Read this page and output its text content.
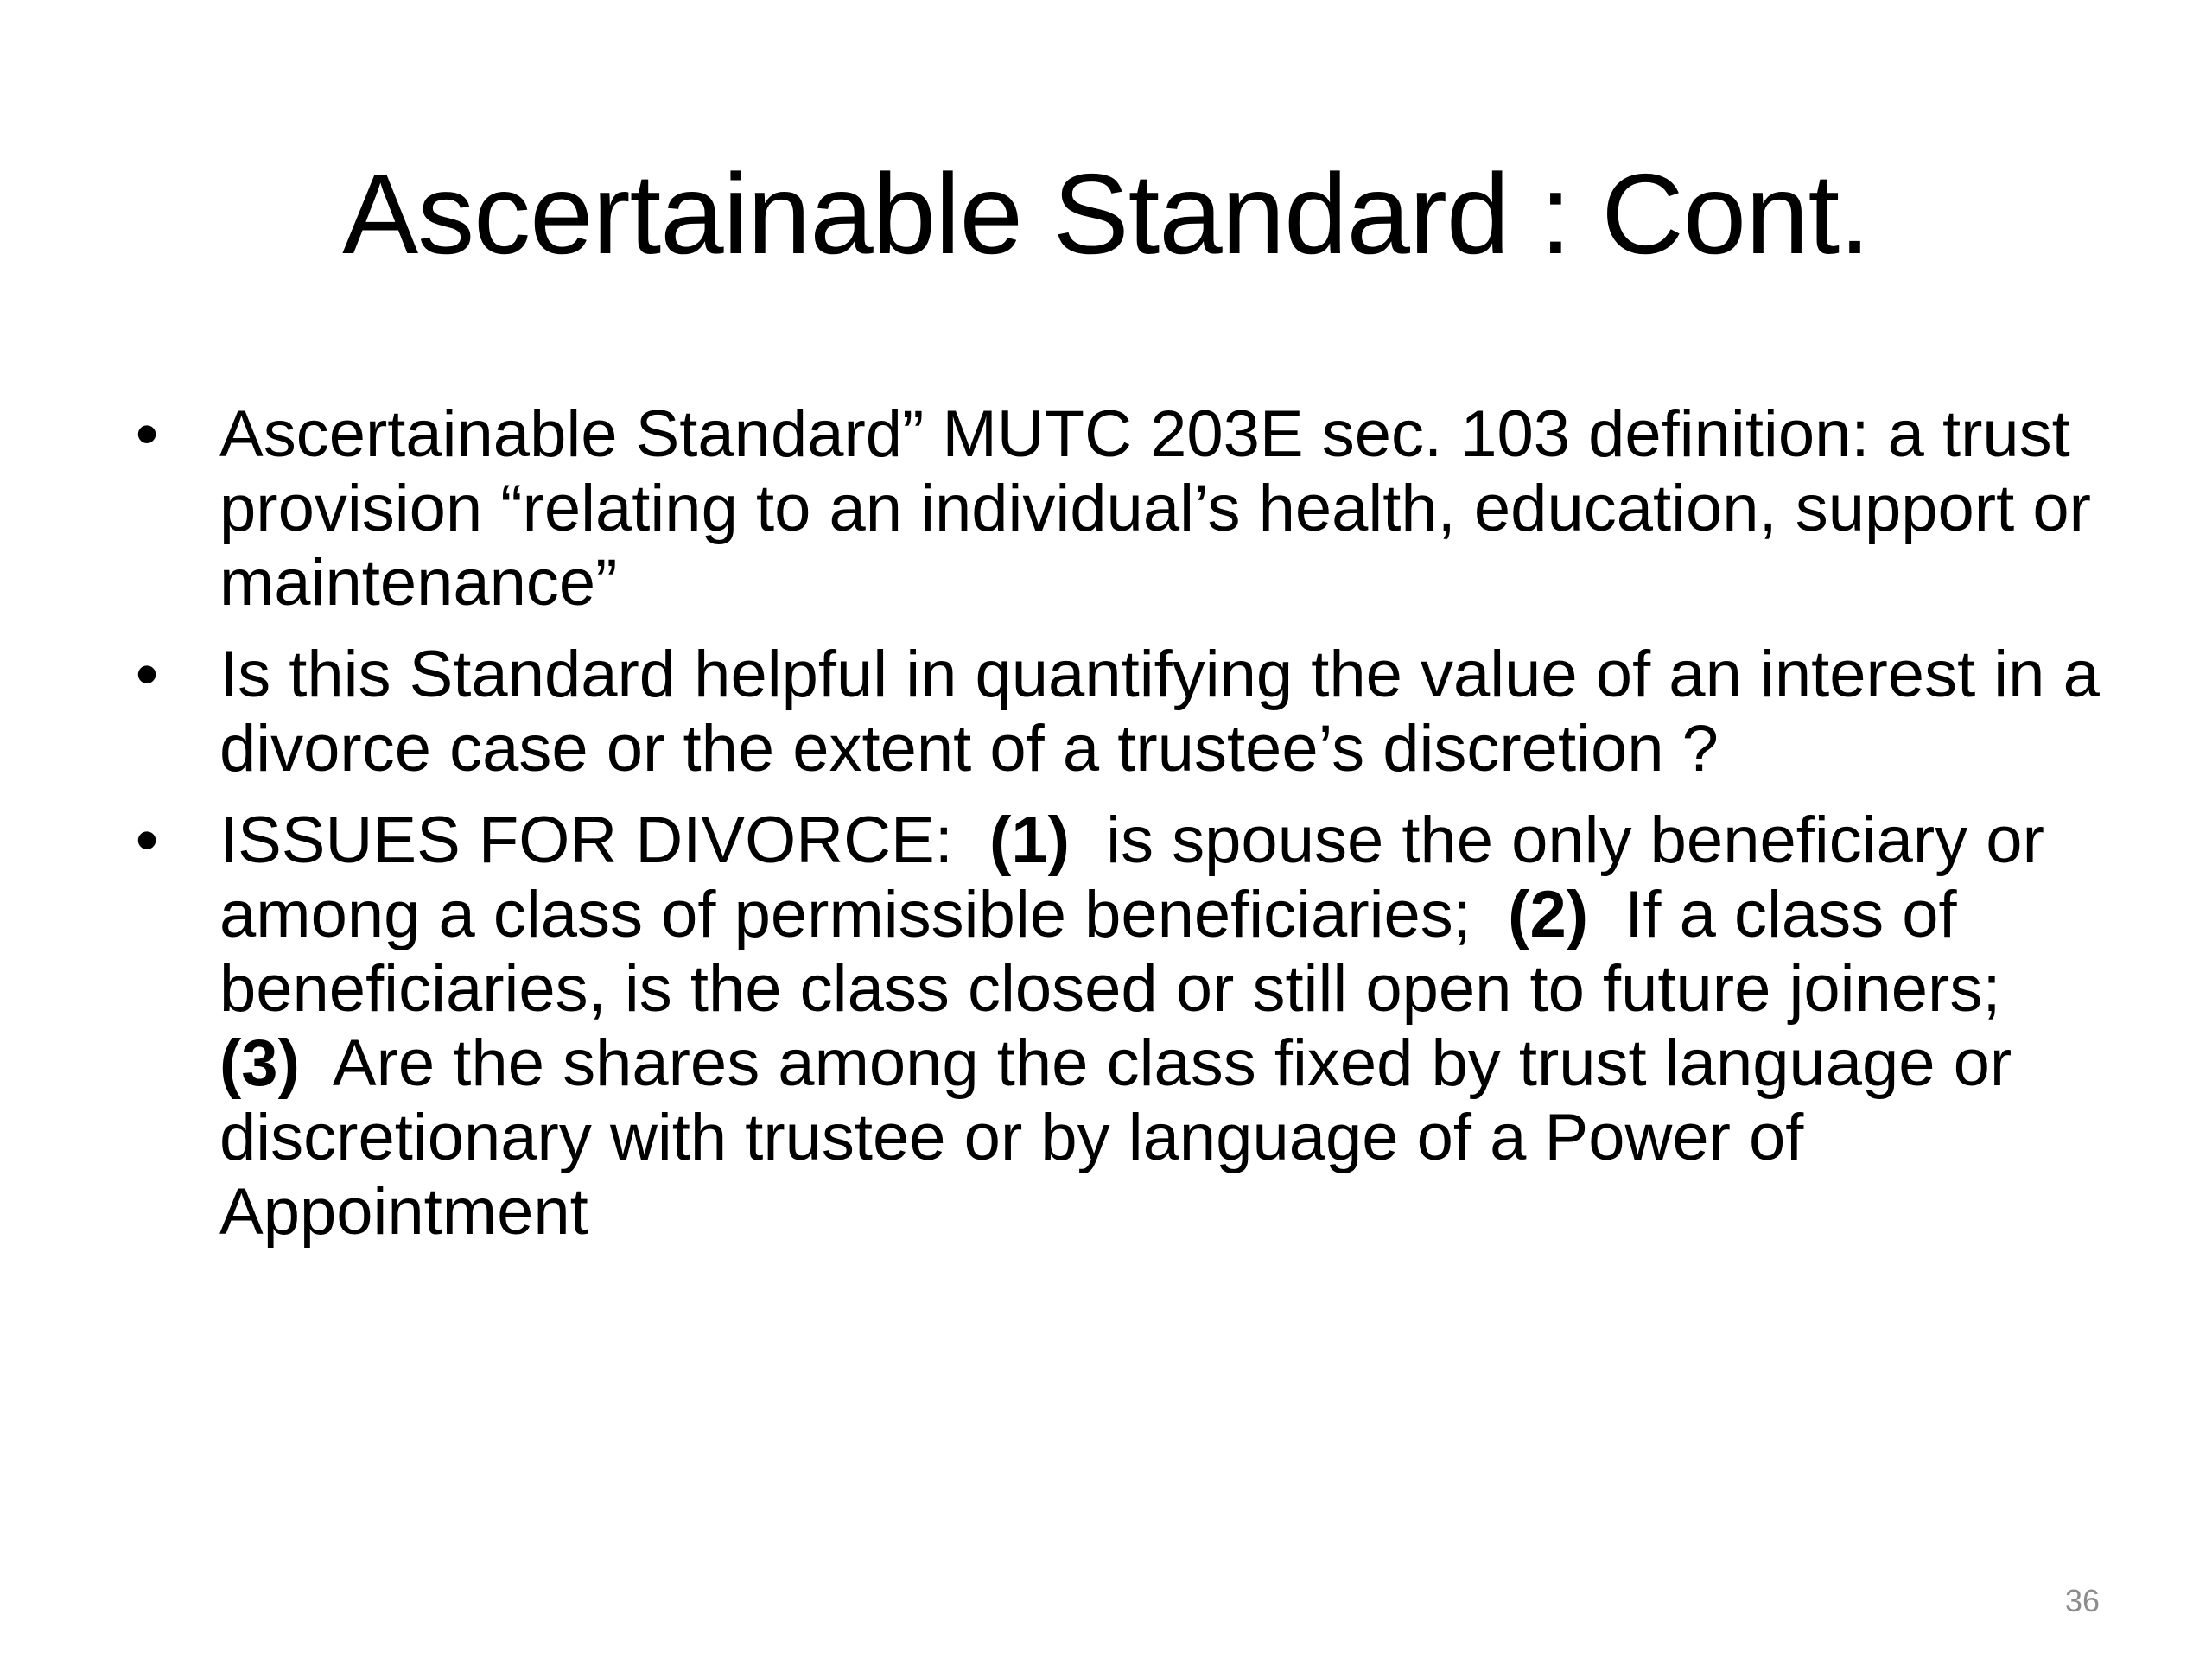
Ascertainable Standard : Cont.
• Ascertainable Standard” MUTC 203E sec. 103 definition: a trust provision “relating to an individual’s health, education, support or maintenance”
• Is this Standard helpful in quantifying the value of an interest in a divorce case or the extent of a trustee’s discretion ?
• ISSUES FOR DIVORCE:  (1)  is spouse the only beneficiary or among a class of permissible beneficiaries;  (2)  If a class of beneficiaries, is the class closed or still open to future joiners;  (3)  Are the shares among the class fixed by trust language or discretionary with trustee or by language of a Power of Appointment
36
